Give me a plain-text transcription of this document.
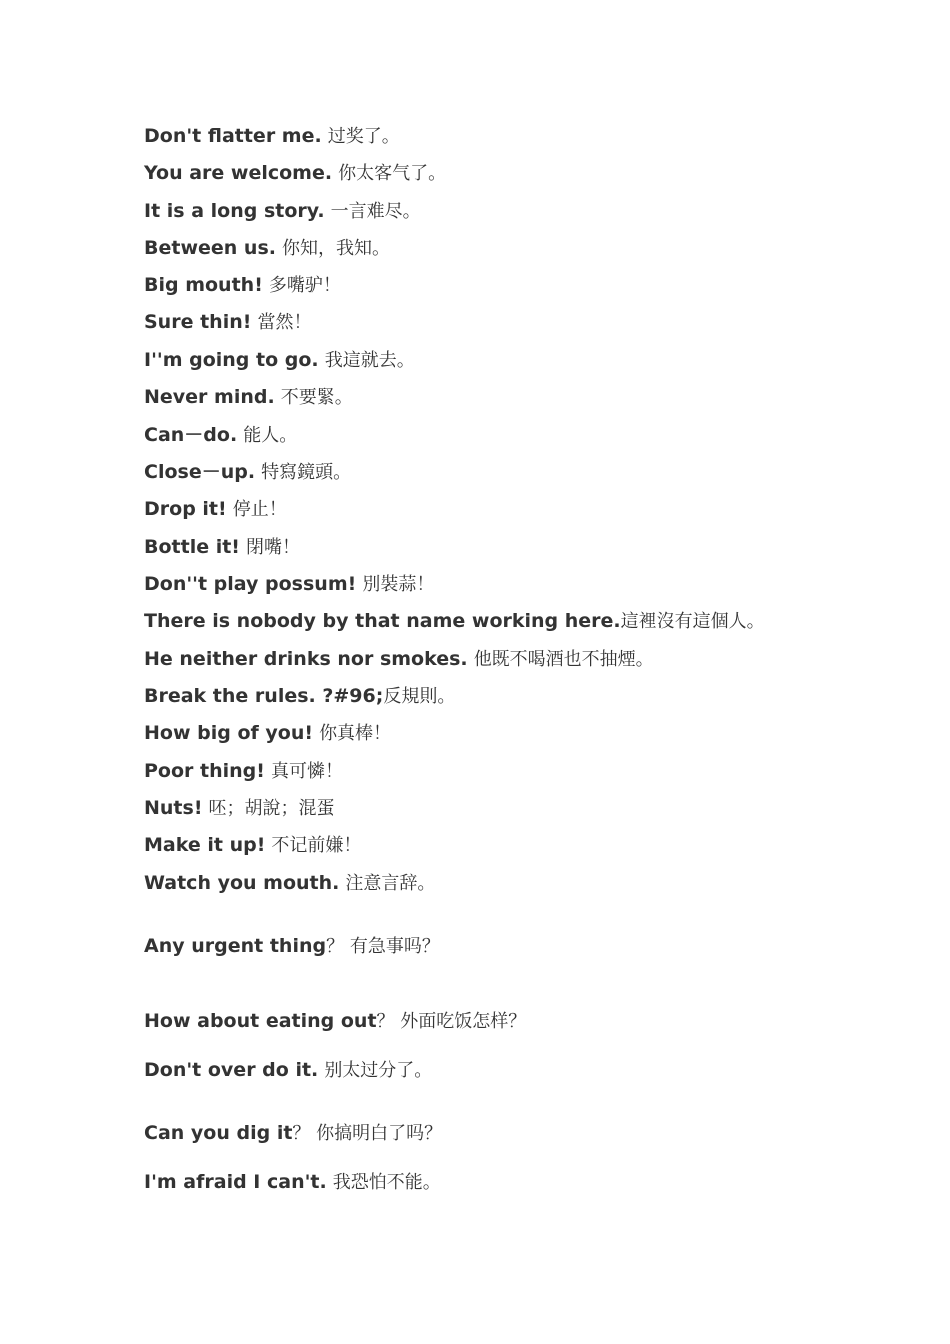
Don't flatter me. 过奖了。
You are welcome. 你太客气了。
It is a long story. 一言难尽。
Between us. 你知，我知。
Big mouth! 多嘴驴！
Sure thin! 當然！
I''m going to go. 我這就去。
Never mind. 不要緊。
Can－do. 能人。
Close－up. 特寫鏡頭。
Drop it! 停止！
Bottle it! 閉嘴！
Don''t play possum! 別裝蒜！
There is nobody by that name working here.這裡沒有這個人。
He neither drinks nor smokes. 他既不喝酒也不抽煙。
Break the rules. ?#96;反規則。
How big of you! 你真棒！
Poor thing! 真可憐！
Nuts! 呸；胡說；混蛋
Make it up! 不记前嫌！
Watch you mouth. 注意言辞。
Any urgent thing？ 有急事吗？
How about eating out？ 外面吃饭怎样？
Don't over do it. 别太过分了。
Can you dig it？ 你搞明白了吗？
I'm afraid I can't. 我恐怕不能。
